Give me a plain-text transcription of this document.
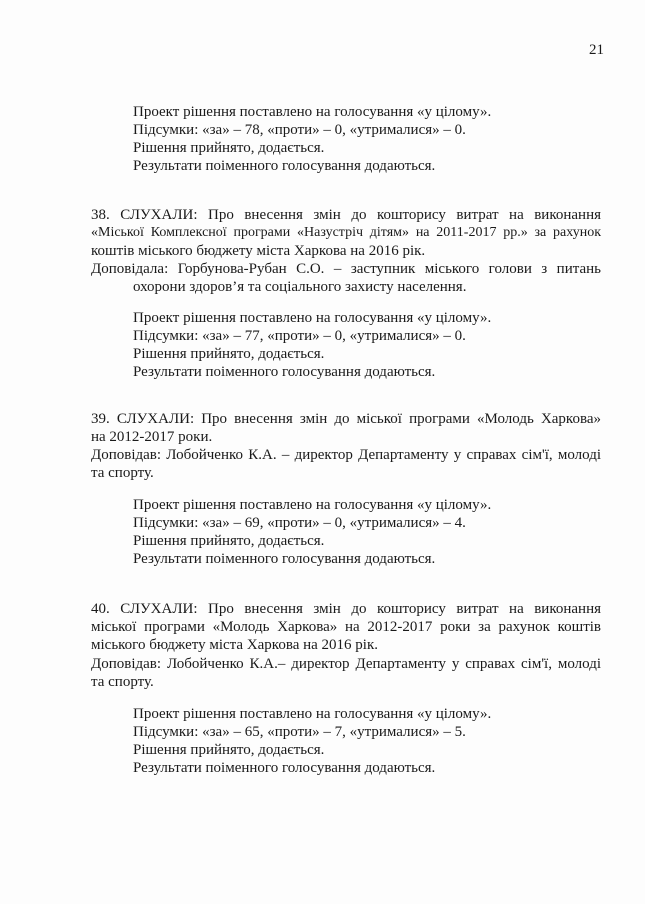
21
Проект рішення поставлено на голосування «у цілому».
Підсумки: «за» – 78, «проти» – 0, «утрималися» – 0.
Рішення прийнято, додається.
Результати поіменного голосування додаються.
38. СЛУХАЛИ: Про внесення змін до кошторису витрат на виконання
«Міської Комплексної програми «Назустріч дітям» на 2011-2017 рр.» за рахунок
коштів міського бюджету міста Харкова на 2016 рік.
Доповідала: Горбунова-Рубан С.О. – заступник міського голови з питань
охорони здоров’я та соціального захисту населення.
Проект рішення поставлено на голосування «у цілому».
Підсумки: «за» – 77, «проти» – 0, «утрималися» – 0.
Рішення прийнято, додається.
Результати поіменного голосування додаються.
39. СЛУХАЛИ: Про внесення змін до міської програми «Молодь Харкова»
на 2012-2017 роки.
Доповідав: Лобойченко К.А. – директор Департаменту у справах сім'ї, молоді
та спорту.
Проект рішення поставлено на голосування «у цілому».
Підсумки: «за» – 69, «проти» – 0, «утрималися» – 4.
Рішення прийнято, додається.
Результати поіменного голосування додаються.
40. СЛУХАЛИ: Про внесення змін до кошторису витрат на виконання
міської програми «Молодь Харкова» на 2012-2017 роки за рахунок коштів
міського бюджету міста Харкова на 2016 рік.
Доповідав: Лобойченко К.А.– директор Департаменту у справах сім'ї, молоді
та спорту.
Проект рішення поставлено на голосування «у цілому».
Підсумки: «за» – 65, «проти» – 7, «утрималися» – 5.
Рішення прийнято, додається.
Результати поіменного голосування додаються.
